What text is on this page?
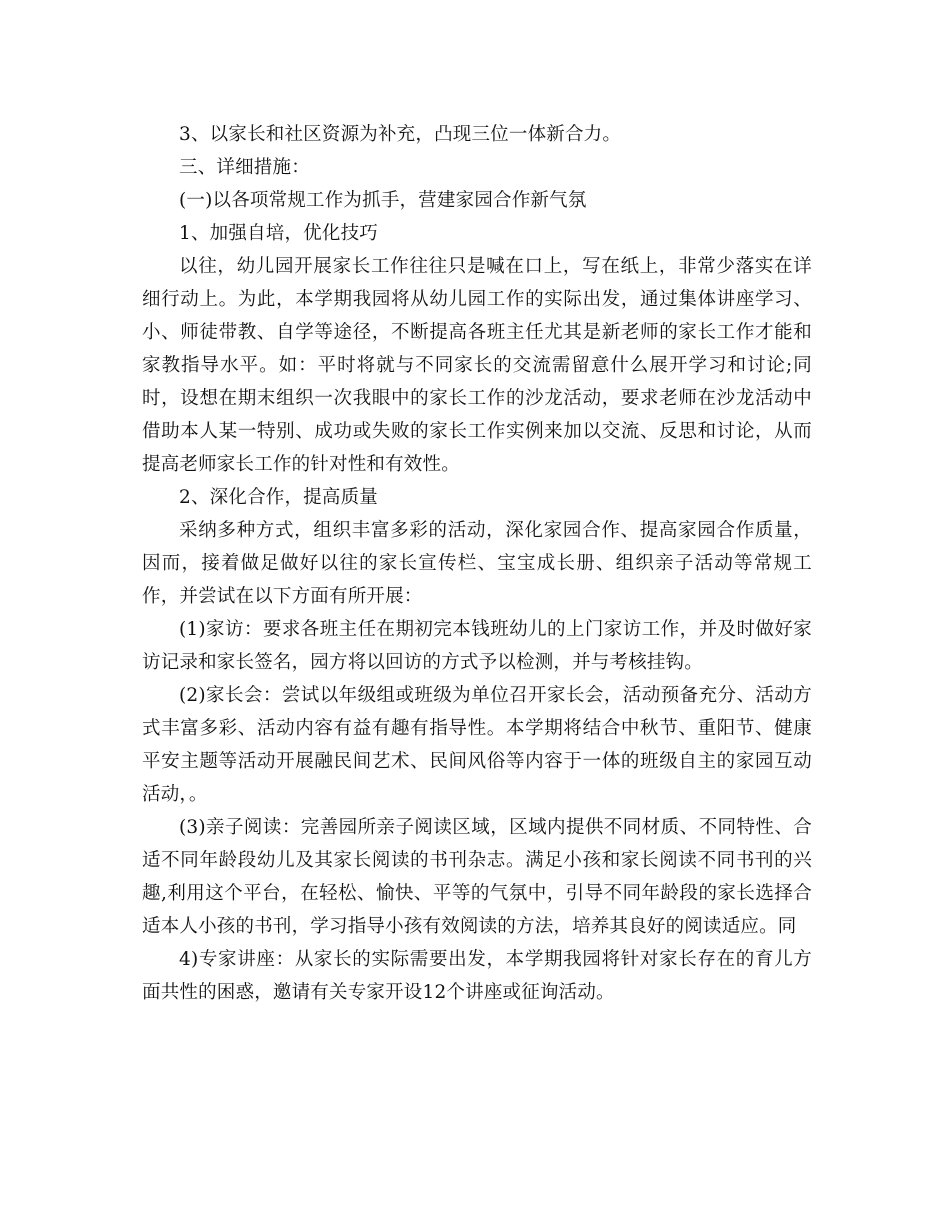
3、以家长和社区资源为补充，凸现三位一体新合力。

三、详细措施：

(一)以各项常规工作为抓手，营建家园合作新气氛

1、加强自培，优化技巧

以往，幼儿园开展家长工作往往只是喊在口上，写在纸上，非常少落实在详细行动上。为此，本学期我园将从幼儿园工作的实际出发，通过集体讲座学习、小、师徒带教、自学等途径，不断提高各班主任尤其是新老师的家长工作才能和家教指导水平。如：平时将就与不同家长的交流需留意什么展开学习和讨论;同时，设想在期末组织一次我眼中的家长工作的沙龙活动，要求老师在沙龙活动中借助本人某一特别、成功或失败的家长工作实例来加以交流、反思和讨论，从而提高老师家长工作的针对性和有效性。

2、深化合作，提高质量

采纳多种方式，组织丰富多彩的活动，深化家园合作、提高家园合作质量，因而，接着做足做好以往的家长宣传栏、宝宝成长册、组织亲子活动等常规工作，并尝试在以下方面有所开展：

(1)家访：要求各班主任在期初完本钱班幼儿的上门家访工作，并及时做好家访记录和家长签名，园方将以回访的方式予以检测，并与考核挂钩。

(2)家长会：尝试以年级组或班级为单位召开家长会，活动预备充分、活动方式丰富多彩、活动内容有益有趣有指导性。本学期将结合中秋节、重阳节、健康平安主题等活动开展融民间艺术、民间风俗等内容于一体的班级自主的家园互动活动，。

(3)亲子阅读：完善园所亲子阅读区域，区域内提供不同材质、不同特性、合适不同年龄段幼儿及其家长阅读的书刊杂志。满足小孩和家长阅读不同书刊的兴趣,利用这个平台，在轻松、愉快、平等的气氛中，引导不同年龄段的家长选择合适本人小孩的书刊，学习指导小孩有效阅读的方法，培养其良好的阅读适应。同

4)专家讲座：从家长的实际需要出发，本学期我园将针对家长存在的育儿方面共性的困惑，邀请有关专家开设12个讲座或征询活动。
